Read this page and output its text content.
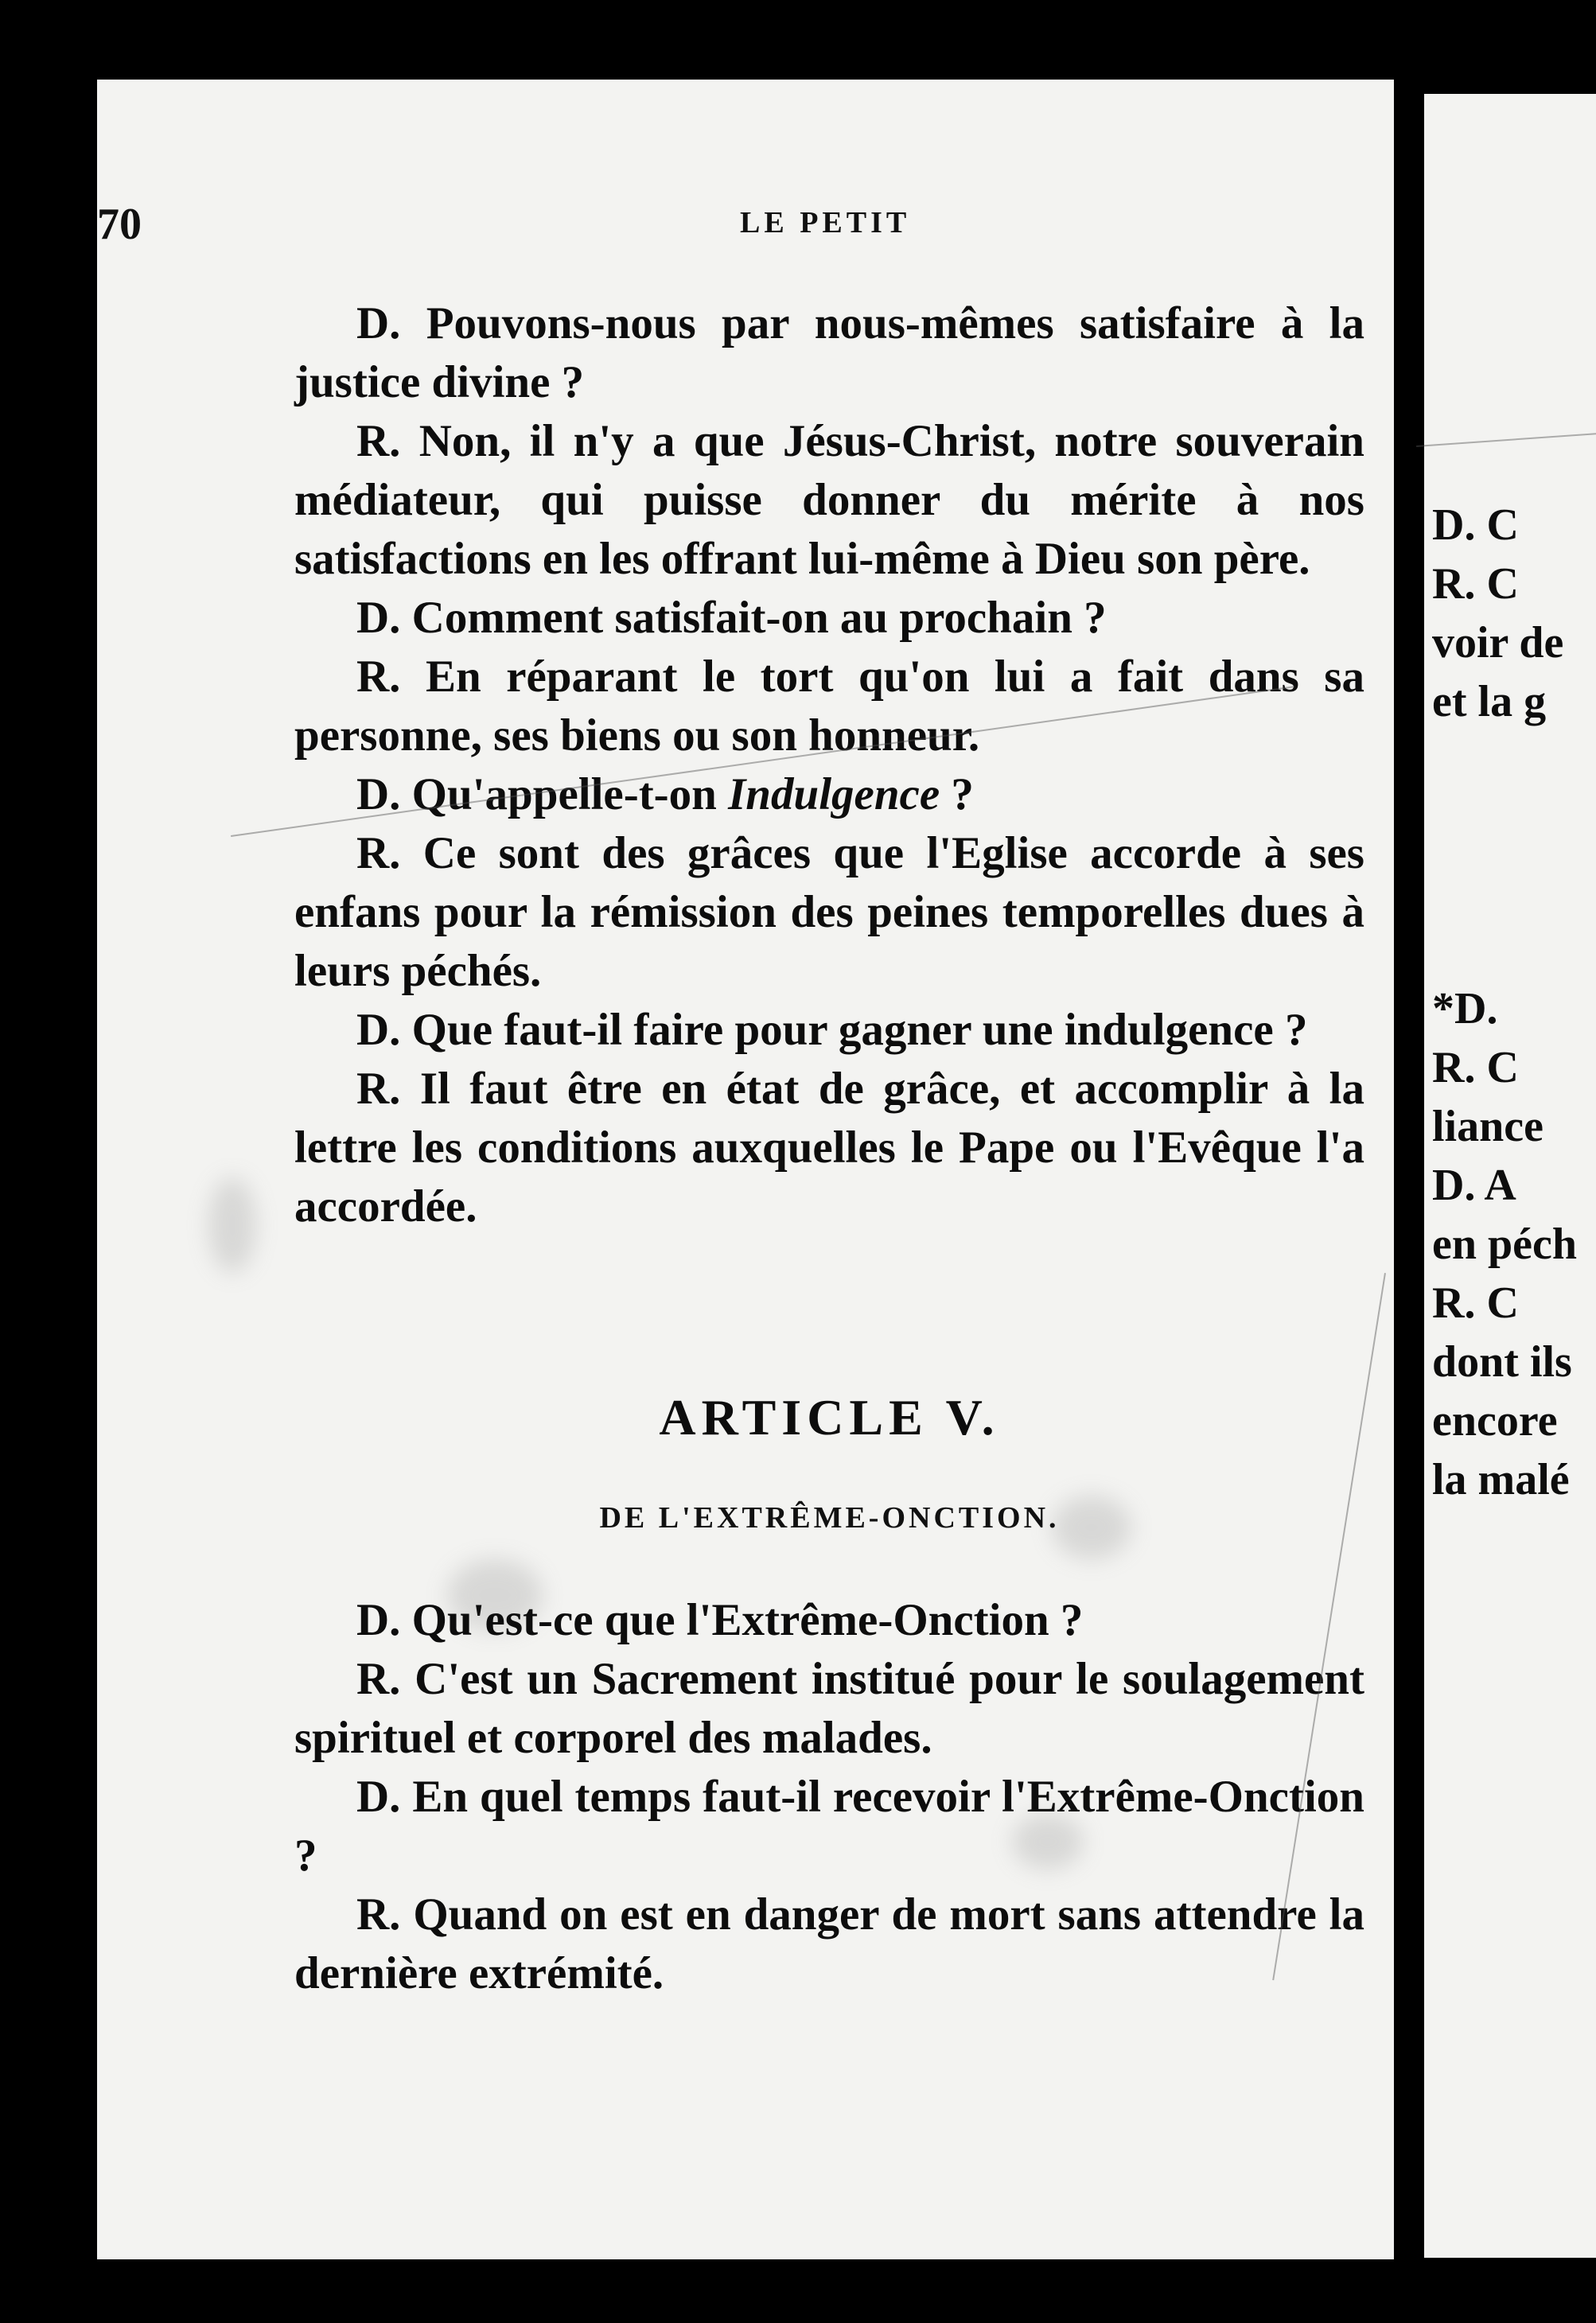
70	LE PETIT

D. Pouvons-nous par nous-mêmes satisfaire à la justice divine ?

R. Non, il n'y a que Jésus-Christ, notre souverain médiateur, qui puisse donner du mérite à nos satisfactions en les offrant lui-même à Dieu son père.

D. Comment satisfait-on au prochain ?

R. En réparant le tort qu'on lui a fait dans sa personne, ses biens ou son honneur.

D. Qu'appelle-t-on Indulgence ?

R. Ce sont des grâces que l'Eglise accorde à ses enfans pour la rémission des peines temporelles dues à leurs péchés.

D. Que faut-il faire pour gagner une indulgence ?

R. Il faut être en état de grâce, et accomplir à la lettre les conditions auxquelles le Pape ou l'Evêque l'a accordée.

ARTICLE V.
DE L'EXTRÊME-ONCTION.

D. Qu'est-ce que l'Extrême-Onction ?

R. C'est un Sacrement institué pour le soulagement spirituel et corporel des malades.

D. En quel temps faut-il recevoir l'Extrême-Onction ?

R. Quand on est en danger de mort sans attendre la dernière extrémité.

D. C
R. C
voir de
et la g
*D.
R. C
liance
D. A
en péch
R. C
dont ils
encore
la malé
